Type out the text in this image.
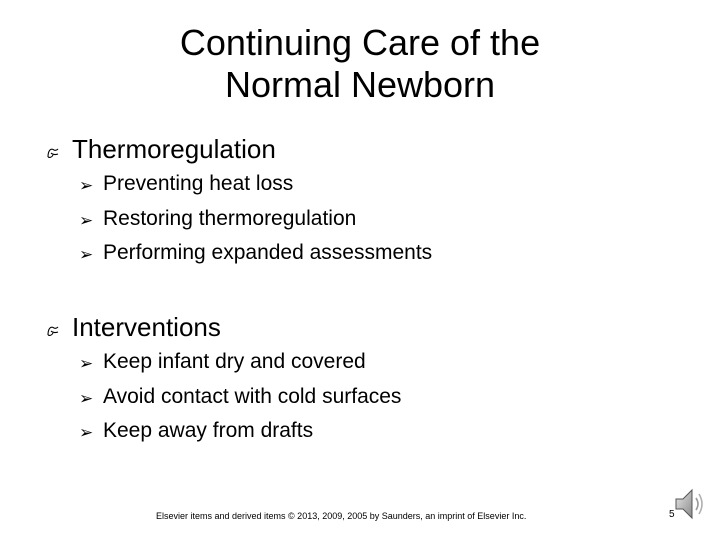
Continuing Care of the
Normal Newborn
Thermoregulation
➢ Preventing heat loss
➢ Restoring thermoregulation
➢ Performing expanded assessments
Interventions
➢ Keep infant dry and covered
➢ Avoid contact with cold surfaces
➢ Keep away from drafts
Elsevier items and derived items © 2013, 2009, 2005 by Saunders, an imprint of Elsevier Inc.	5
